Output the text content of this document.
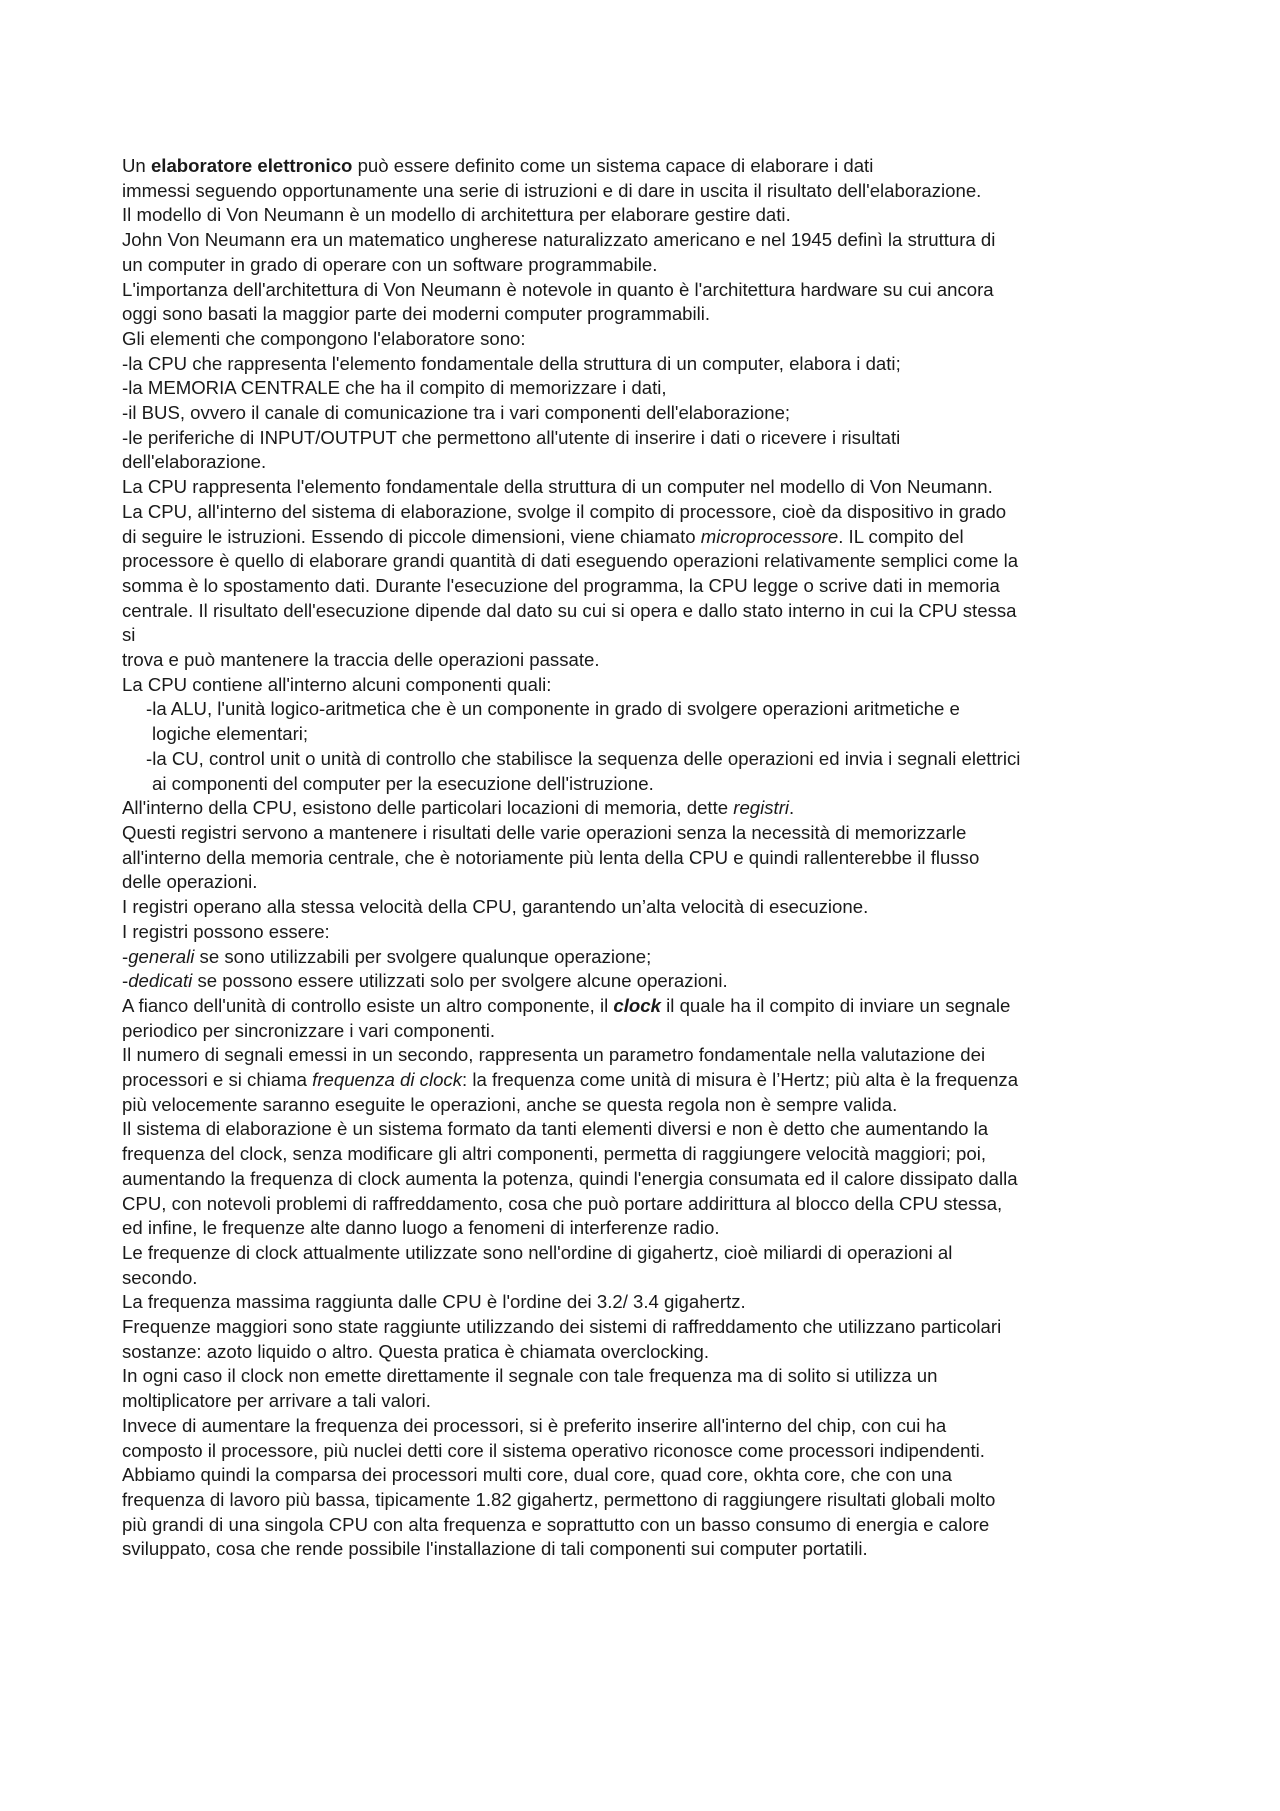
Un elaboratore elettronico può essere definito come un sistema capace di elaborare i dati
immessi seguendo opportunamente una serie di istruzioni e di dare in uscita il risultato dell'elaborazione.
Il modello di Von Neumann è un modello di architettura per elaborare gestire dati.
John Von Neumann era un matematico ungherese naturalizzato americano e nel 1945 definì la struttura di
un computer in grado di operare con un software programmabile.
L'importanza dell'architettura di Von Neumann è notevole in quanto è l'architettura hardware su cui ancora
oggi sono basati la maggior parte dei moderni computer programmabili.
Gli elementi che compongono l'elaboratore sono:
-la CPU che rappresenta l'elemento fondamentale della struttura di un computer, elabora i dati;
-la MEMORIA CENTRALE che ha il compito di memorizzare i dati,
-il BUS, ovvero il canale di comunicazione tra i vari componenti dell'elaborazione;
-le periferiche di INPUT/OUTPUT che permettono all'utente di inserire i dati o ricevere i risultati
dell'elaborazione.
La CPU rappresenta l'elemento fondamentale della struttura di un computer nel modello di Von Neumann.
La CPU, all'interno del sistema di elaborazione, svolge il compito di processore, cioè da dispositivo in grado
di seguire le istruzioni. Essendo di piccole dimensioni, viene chiamato microprocessore. IL compito del
processore è quello di elaborare grandi quantità di dati eseguendo operazioni relativamente semplici come la
somma è lo spostamento dati. Durante l'esecuzione del programma, la CPU legge o scrive dati in memoria
centrale. Il risultato dell'esecuzione dipende dal dato su cui si opera e dallo stato interno in cui la CPU stessa
si
trova e può mantenere la traccia delle operazioni passate.
La CPU contiene all'interno alcuni componenti quali:
-la ALU, l'unità logico-aritmetica che è un componente in grado di svolgere operazioni aritmetiche e
logiche elementari;
-la CU, control unit o unità di controllo che stabilisce la sequenza delle operazioni ed invia i segnali elettrici
ai componenti del computer per la esecuzione dell'istruzione.
All'interno della CPU, esistono delle particolari locazioni di memoria, dette registri.
Questi registri servono a mantenere i risultati delle varie operazioni senza la necessità di memorizzarle
all'interno della memoria centrale, che è notoriamente più lenta della CPU e quindi rallenterebbe il flusso
delle operazioni.
I registri operano alla stessa velocità della CPU, garantendo un’alta velocità di esecuzione.
I registri possono essere:
-generali se sono utilizzabili per svolgere qualunque operazione;
-dedicati se possono essere utilizzati solo per svolgere alcune operazioni.
A fianco dell'unità di controllo esiste un altro componente, il clock il quale ha il compito di inviare un segnale
periodico per sincronizzare i vari componenti.
Il numero di segnali emessi in un secondo, rappresenta un parametro fondamentale nella valutazione dei
processori e si chiama frequenza di clock: la frequenza come unità di misura è l’Hertz; più alta è la frequenza
più velocemente saranno eseguite le operazioni, anche se questa regola non è sempre valida.
Il sistema di elaborazione è un sistema formato da tanti elementi diversi e non è detto che aumentando la
frequenza del clock, senza modificare gli altri componenti, permetta di raggiungere velocità maggiori; poi,
aumentando la frequenza di clock aumenta la potenza, quindi l'energia consumata ed il calore dissipato dalla
CPU, con notevoli problemi di raffreddamento, cosa che può portare addirittura al blocco della CPU stessa,
ed infine, le frequenze alte danno luogo a fenomeni di interferenze radio.
Le frequenze di clock attualmente utilizzate sono nell'ordine di gigahertz, cioè miliardi di operazioni al
secondo.
La frequenza massima raggiunta dalle CPU è l'ordine dei 3.2/ 3.4 gigahertz.
Frequenze maggiori sono state raggiunte utilizzando dei sistemi di raffreddamento che utilizzano particolari
sostanze: azoto liquido o altro. Questa pratica è chiamata overclocking.
In ogni caso il clock non emette direttamente il segnale con tale frequenza ma di solito si utilizza un
moltiplicatore per arrivare a tali valori.
Invece di aumentare la frequenza dei processori, si è preferito inserire all'interno del chip, con cui ha
composto il processore, più nuclei detti core il sistema operativo riconosce come processori indipendenti.
Abbiamo quindi la comparsa dei processori multi core, dual core, quad core, okhta core, che con una
frequenza di lavoro più bassa, tipicamente 1.82 gigahertz, permettono di raggiungere risultati globali molto
più grandi di una singola CPU con alta frequenza e soprattutto con un basso consumo di energia e calore
sviluppato, cosa che rende possibile l'installazione di tali componenti sui computer portatili.
